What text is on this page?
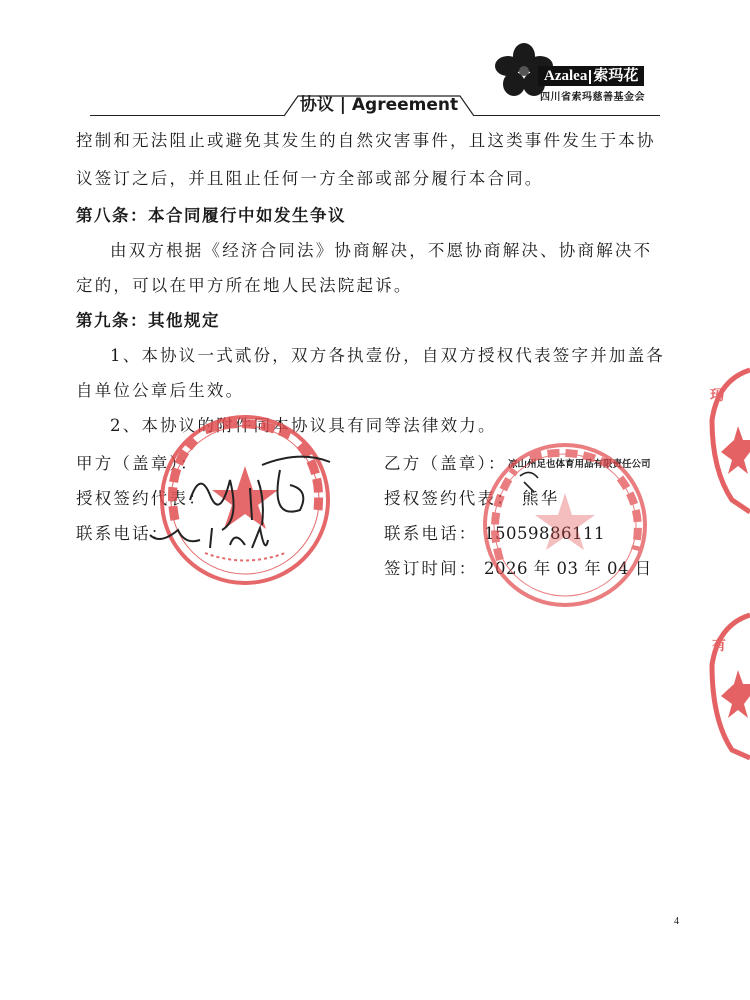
Azalea 索玛花
四川省索玛慈善基金会
协议 | Agreement
控制和无法阻止或避免其发生的自然灾害事件，且这类事件发生于本协
议签订之后，并且阻止任何一方全部或部分履行本合同。
第八条：本合同履行中如发生争议
由双方根据《经济合同法》协商解决，不愿协商解决、协商解决不
定的，可以在甲方所在地人民法院起诉。
第九条：其他规定
1、本协议一式贰份，双方各执壹份，自双方授权代表签字并加盖各
自单位公章后生效。
2、本协议的附件同本协议具有同等法律效力。
甲方（盖章）：
授权签约代表：
联系电话：
乙方（盖章）： 凉山州足也体育用品有限责任公司
授权签约代表： 熊华
联系电话： 15059886111
签订时间： 2026 年 03 年 04 日
玛
有
4
